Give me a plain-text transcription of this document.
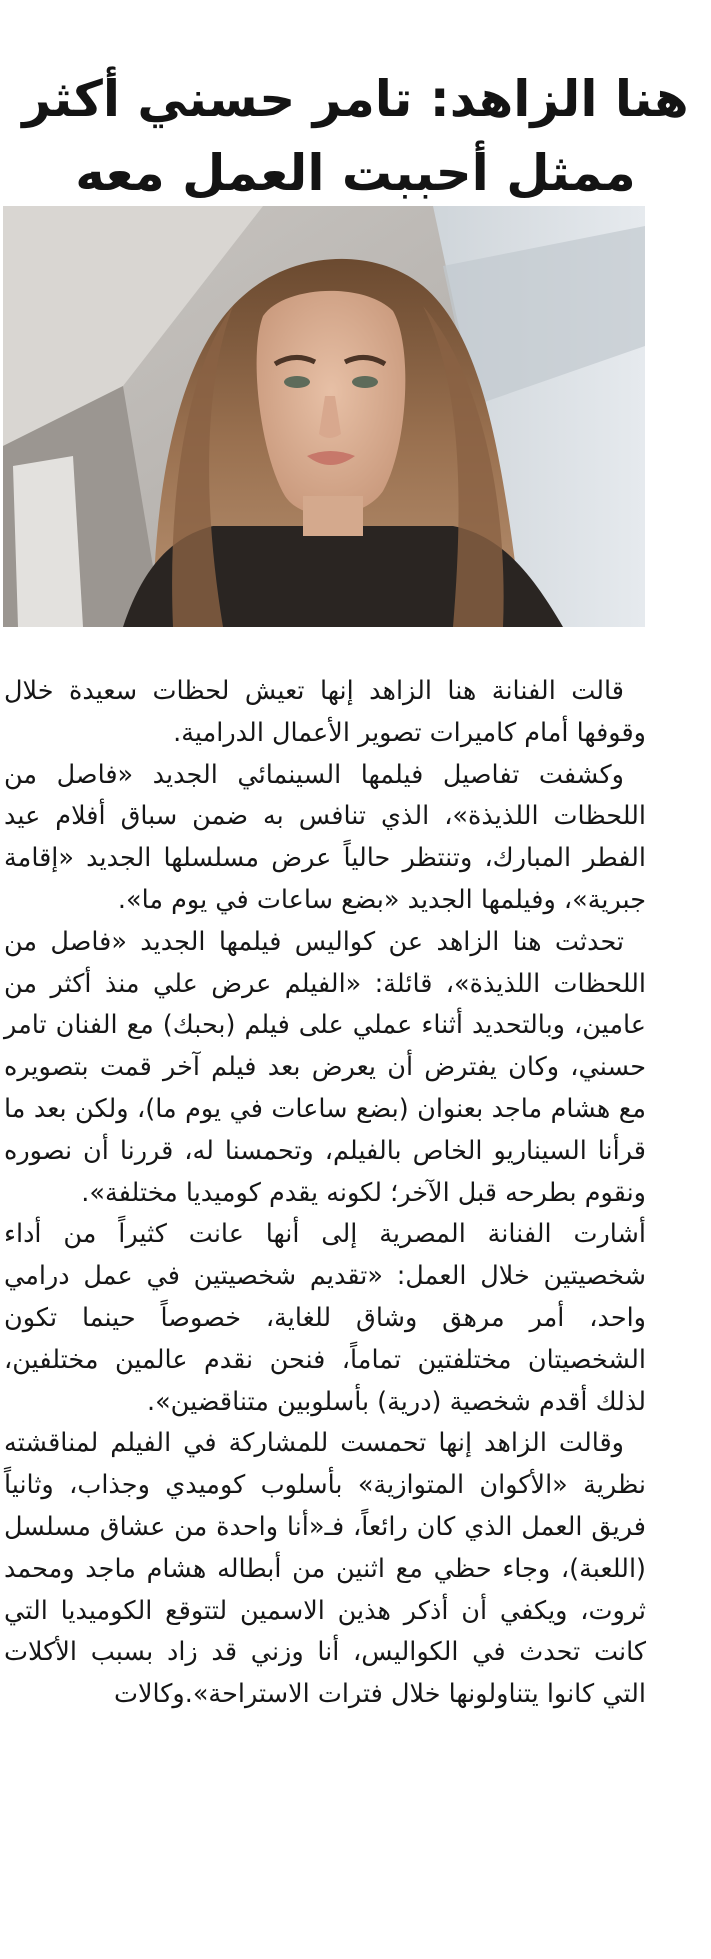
هنا الزاهد: تامر حسني أكثر
ممثل أحببت العمل معه

قالت الفنانة هنا الزاهد إنها تعيش لحظات سعيدة خلال وقوفها أمام كاميرات تصوير الأعمال الدرامية.

وكشفت تفاصيل فيلمها السينمائي الجديد «فاصل من اللحظات اللذيذة»، الذي تنافس به ضمن سباق أفلام عيد الفطر المبارك، وتنتظر حالياً عرض مسلسلها الجديد «إقامة جبرية»، وفيلمها الجديد «بضع ساعات في يوم ما».

تحدثت هنا الزاهد عن كواليس فيلمها الجديد «فاصل من اللحظات اللذيذة»، قائلة: «الفيلم عرض علي منذ أكثر من عامين، وبالتحديد أثناء عملي على فيلم (بحبك) مع الفنان تامر حسني، وكان يفترض أن يعرض بعد فيلم آخر قمت بتصويره مع هشام ماجد بعنوان (بضع ساعات في يوم ما)، ولكن بعد ما قرأنا السيناريو الخاص بالفيلم، وتحمسنا له، قررنا أن نصوره ونقوم بطرحه قبل الآخر؛ لكونه يقدم كوميديا مختلفة».

أشارت الفنانة المصرية إلى أنها عانت كثيراً من أداء شخصيتين خلال العمل: «تقديم شخصيتين في عمل درامي واحد، أمر مرهق وشاق للغاية، خصوصاً حينما تكون الشخصيتان مختلفتين تماماً، فنحن نقدم عالمين مختلفين، لذلك أقدم شخصية (درية) بأسلوبين متناقضين».

وقالت الزاهد إنها تحمست للمشاركة في الفيلم لمناقشته نظرية «الأكوان المتوازية» بأسلوب كوميدي وجذاب، وثانياً فريق العمل الذي كان رائعاً، فـ«أنا واحدة من عشاق مسلسل (اللعبة)، وجاء حظي مع اثنين من أبطاله هشام ماجد ومحمد ثروت، ويكفي أن أذكر هذين الاسمين لتتوقع الكوميديا التي كانت تحدث في الكواليس، أنا وزني قد زاد بسبب الأكلات التي كانوا يتناولونها خلال فترات الاستراحة».وكالات
